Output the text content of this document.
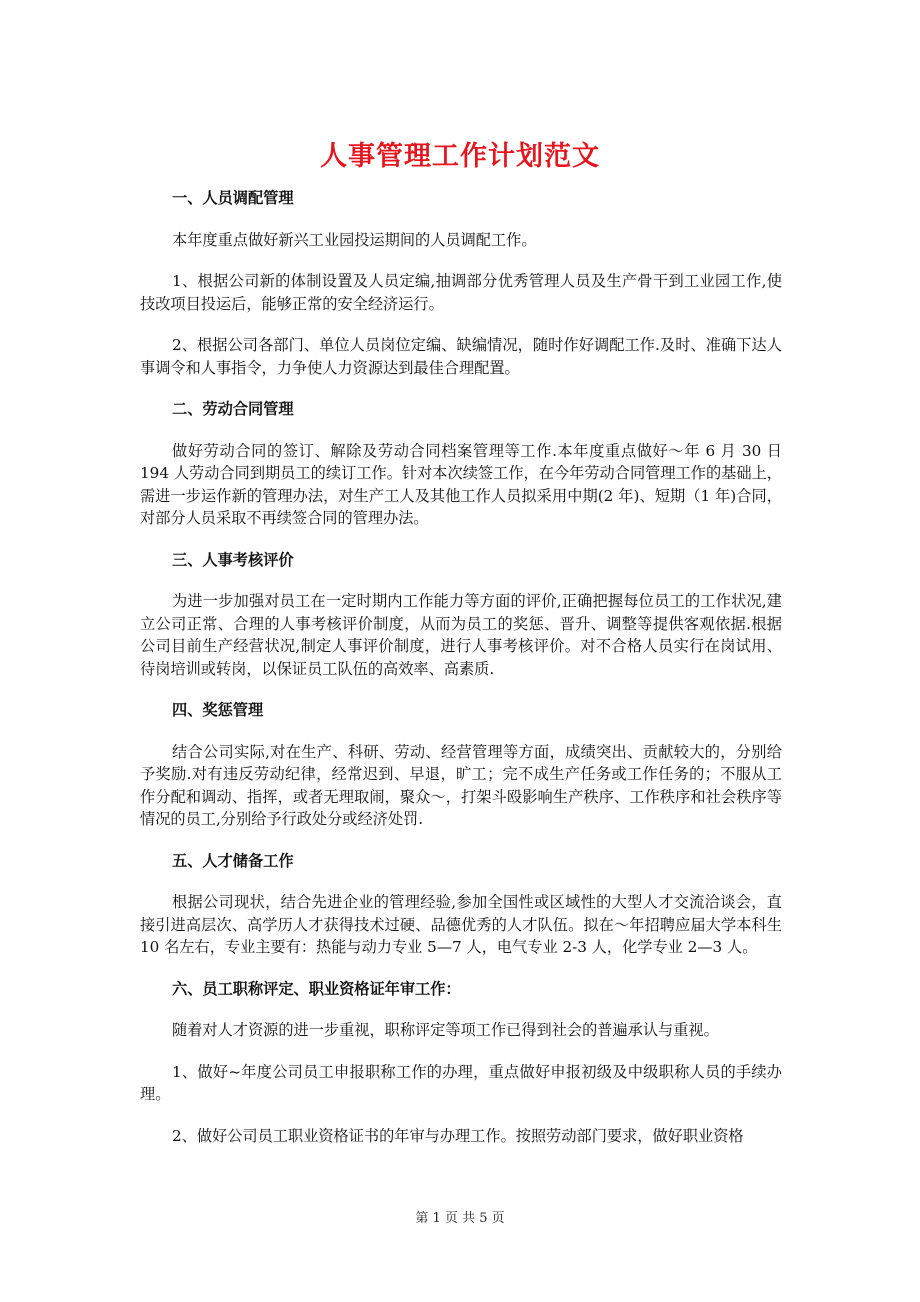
人事管理工作计划范文

一、人员调配管理

本年度重点做好新兴工业园投运期间的人员调配工作。

1、根据公司新的体制设置及人员定编,抽调部分优秀管理人员及生产骨干到工业园工作,使技改项目投运后，能够正常的安全经济运行。

2、根据公司各部门、单位人员岗位定编、缺编情况，随时作好调配工作.及时、准确下达人事调令和人事指令，力争使人力资源达到最佳合理配置。

二、劳动合同管理

做好劳动合同的签订、解除及劳动合同档案管理等工作.本年度重点做好～年 6 月 30 日 194 人劳动合同到期员工的续订工作。针对本次续签工作，在今年劳动合同管理工作的基础上，需进一步运作新的管理办法，对生产工人及其他工作人员拟采用中期(2 年)、短期（1 年)合同，对部分人员采取不再续签合同的管理办法。

三、人事考核评价

为进一步加强对员工在一定时期内工作能力等方面的评价,正确把握每位员工的工作状况,建立公司正常、合理的人事考核评价制度，从而为员工的奖惩、晋升、调整等提供客观依据.根据公司目前生产经营状况,制定人事评价制度，进行人事考核评价。对不合格人员实行在岗试用、待岗培训或转岗，以保证员工队伍的高效率、高素质.

四、奖惩管理

结合公司实际,对在生产、科研、劳动、经营管理等方面，成绩突出、贡献较大的，分别给予奖励.对有违反劳动纪律，经常迟到、早退，旷工；完不成生产任务或工作任务的；不服从工作分配和调动、指挥，或者无理取闹，聚众～，打架斗殴影响生产秩序、工作秩序和社会秩序等情况的员工,分别给予行政处分或经济处罚.

五、人才储备工作

根据公司现状，结合先进企业的管理经验,参加全国性或区域性的大型人才交流洽谈会，直接引进高层次、高学历人才获得技术过硬、品德优秀的人才队伍。拟在～年招聘应届大学本科生 10 名左右，专业主要有：热能与动力专业 5—7 人，电气专业 2-3 人，化学专业 2—3 人。

六、员工职称评定、职业资格证年审工作：

随着对人才资源的进一步重视，职称评定等项工作已得到社会的普遍承认与重视。

1、做好~年度公司员工申报职称工作的办理，重点做好申报初级及中级职称人员的手续办理。

2、做好公司员工职业资格证书的年审与办理工作。按照劳动部门要求，做好职业资格

第 1 页 共 5 页
